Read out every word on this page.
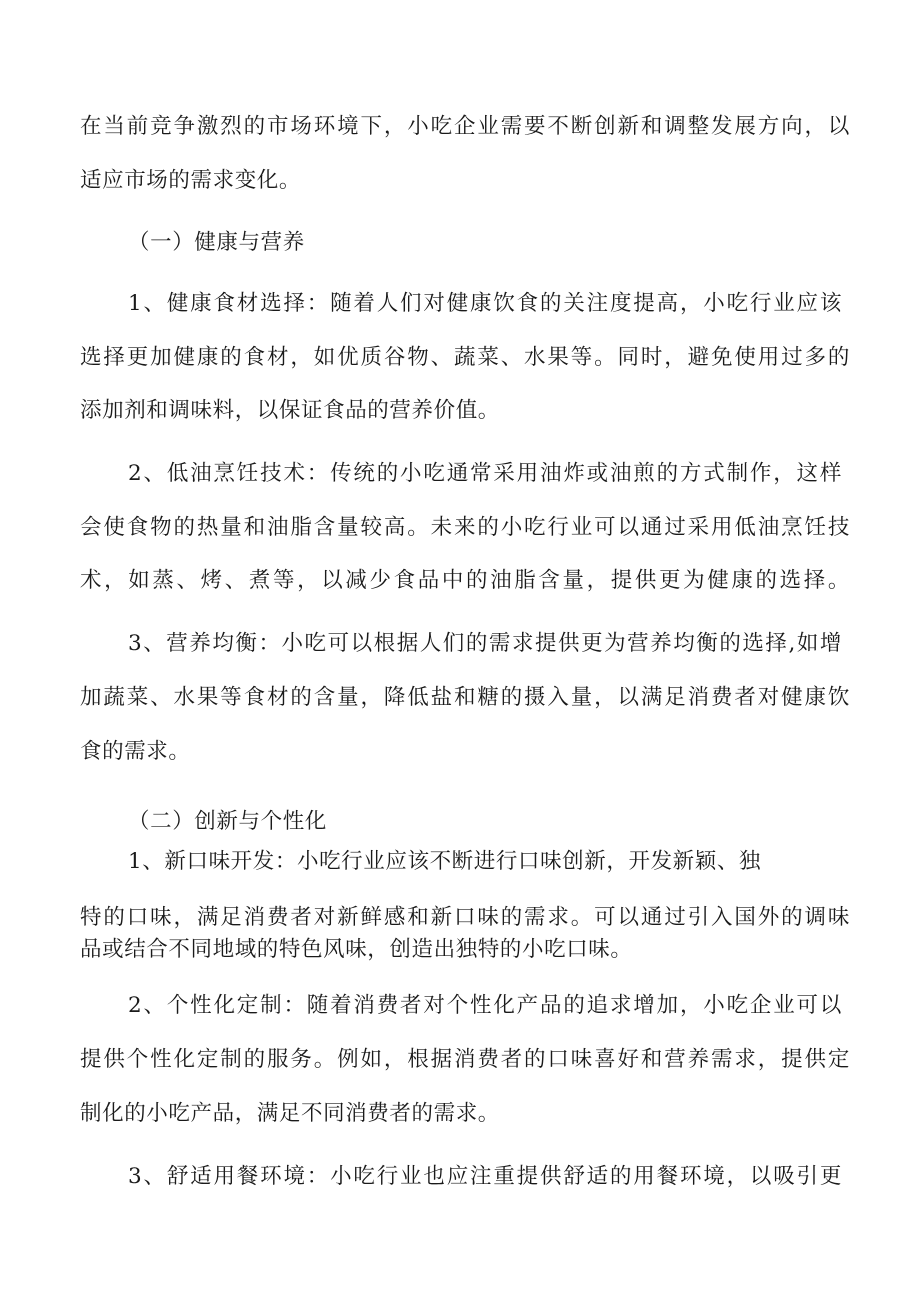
在当前竞争激烈的市场环境下，小吃企业需要不断创新和调整发展方向，以
适应市场的需求变化。
（一）健康与营养
1、健康食材选择：随着人们对健康饮食的关注度提高，小吃行业应该
选择更加健康的食材，如优质谷物、蔬菜、水果等。同时，避免使用过多的
添加剂和调味料，以保证食品的营养价值。
2、低油烹饪技术：传统的小吃通常采用油炸或油煎的方式制作，这样
会使食物的热量和油脂含量较高。未来的小吃行业可以通过采用低油烹饪技
术，如蒸、烤、煮等，以减少食品中的油脂含量，提供更为健康的选择。
3、营养均衡：小吃可以根据人们的需求提供更为营养均衡的选择,如增
加蔬菜、水果等食材的含量，降低盐和糖的摄入量，以满足消费者对健康饮
食的需求。
（二）创新与个性化
1、新口味开发：小吃行业应该不断进行口味创新，开发新颖、独
特的口味，满足消费者对新鲜感和新口味的需求。可以通过引入国外的调味
品或结合不同地域的特色风味，创造出独特的小吃口味。
2、个性化定制：随着消费者对个性化产品的追求增加，小吃企业可以
提供个性化定制的服务。例如，根据消费者的口味喜好和营养需求，提供定
制化的小吃产品，满足不同消费者的需求。
3、舒适用餐环境：小吃行业也应注重提供舒适的用餐环境，以吸引更
